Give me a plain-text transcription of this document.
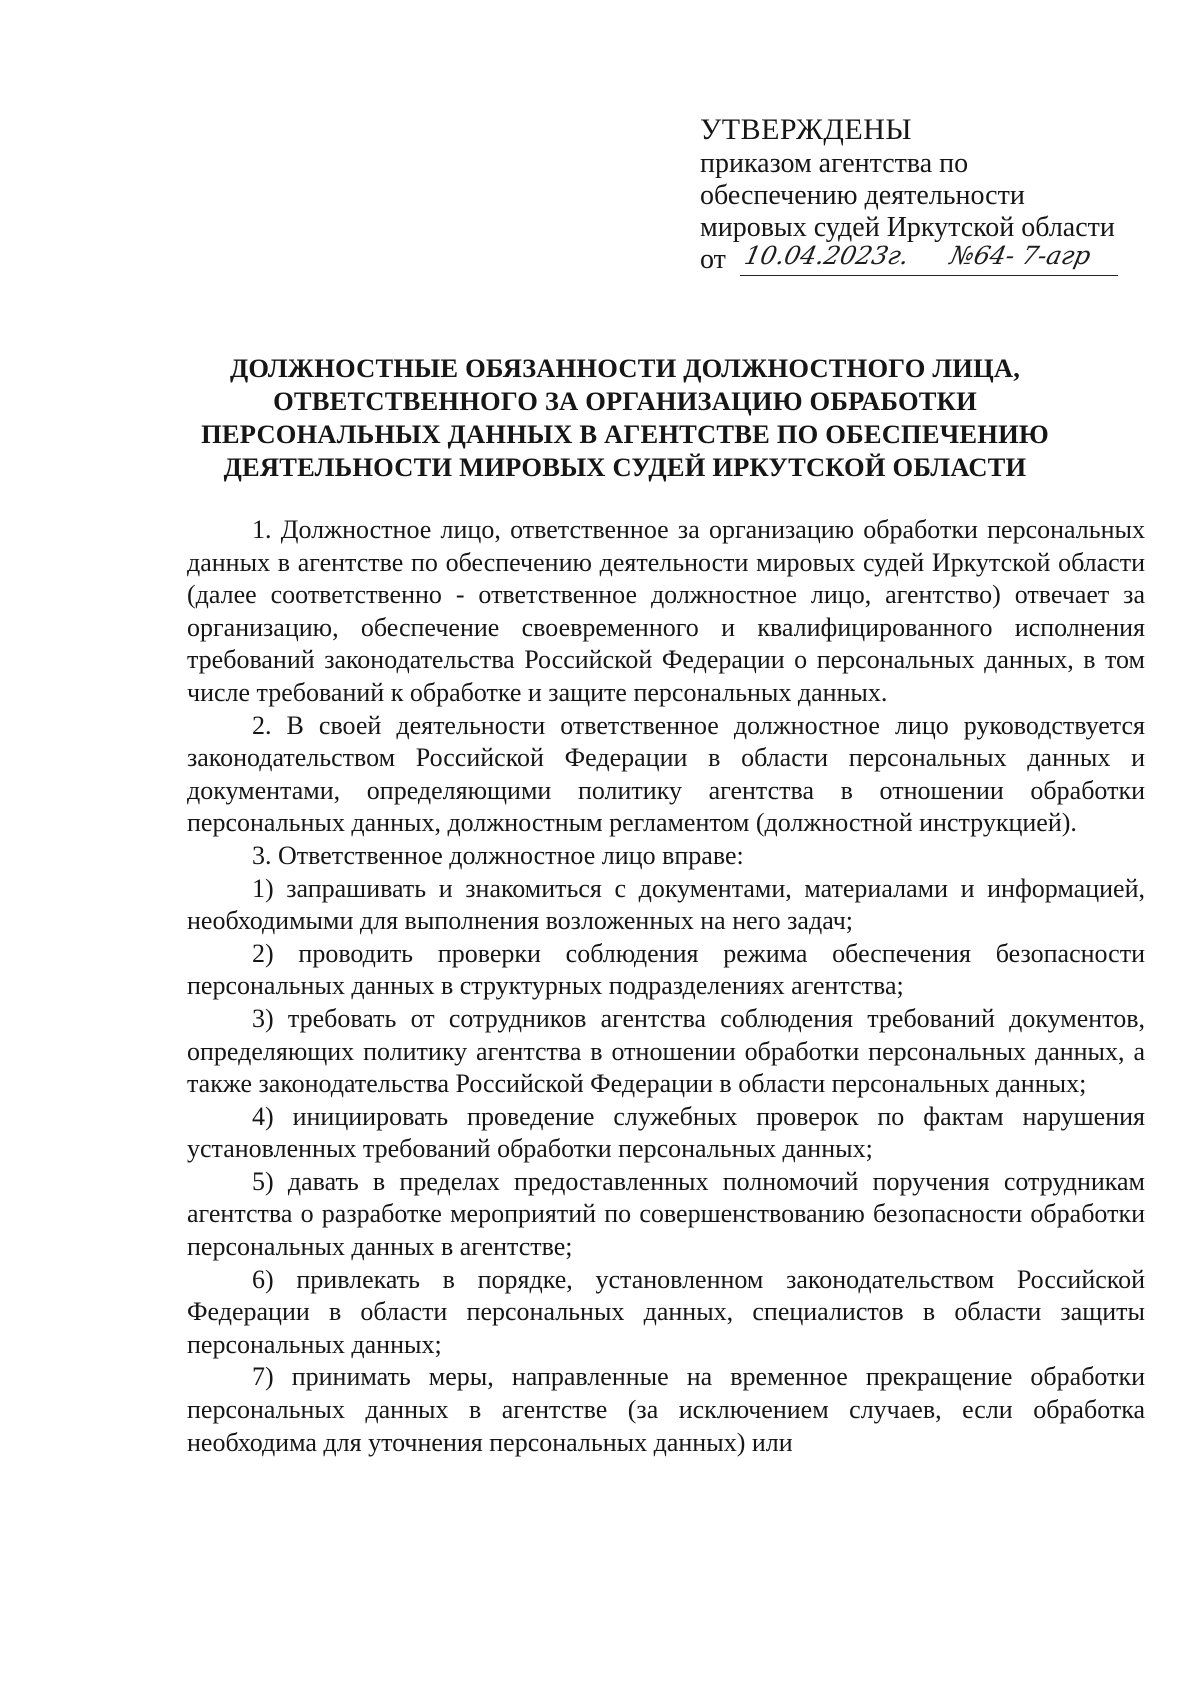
УТВЕРЖДЕНЫ
приказом агентства по
обеспечению деятельности
мировых судей Иркутской области
от 10.04.2023г. №64- 7-агр
ДОЛЖНОСТНЫЕ ОБЯЗАННОСТИ ДОЛЖНОСТНОГО ЛИЦА,
ОТВЕТСТВЕННОГО ЗА ОРГАНИЗАЦИЮ ОБРАБОТКИ
ПЕРСОНАЛЬНЫХ ДАННЫХ В АГЕНТСТВЕ ПО ОБЕСПЕЧЕНИЮ
ДЕЯТЕЛЬНОСТИ МИРОВЫХ СУДЕЙ ИРКУТСКОЙ ОБЛАСТИ

1. Должностное лицо, ответственное за организацию обработки персональных данных в агентстве по обеспечению деятельности мировых судей Иркутской области (далее соответственно - ответственное должностное лицо, агентство) отвечает за организацию, обеспечение своевременного и квалифицированного исполнения требований законодательства Российской Федерации о персональных данных, в том числе требований к обработке и защите персональных данных.

2. В своей деятельности ответственное должностное лицо руководствуется законодательством Российской Федерации в области персональных данных и документами, определяющими политику агентства в отношении обработки персональных данных, должностным регламентом (должностной инструкцией).

3. Ответственное должностное лицо вправе:

1) запрашивать и знакомиться с документами, материалами и информацией, необходимыми для выполнения возложенных на него задач;

2) проводить проверки соблюдения режима обеспечения безопасности персональных данных в структурных подразделениях агентства;

3) требовать от сотрудников агентства соблюдения требований документов, определяющих политику агентства в отношении обработки персональных данных, а также законодательства Российской Федерации в области персональных данных;

4) инициировать проведение служебных проверок по фактам нарушения установленных требований обработки персональных данных;

5) давать в пределах предоставленных полномочий поручения сотрудникам агентства о разработке мероприятий по совершенствованию безопасности обработки персональных данных в агентстве;

6) привлекать в порядке, установленном законодательством Российской Федерации в области персональных данных, специалистов в области защиты персональных данных;

7) принимать меры, направленные на временное прекращение обработки персональных данных в агентстве (за исключением случаев, если обработка необходима для уточнения персональных данных) или
